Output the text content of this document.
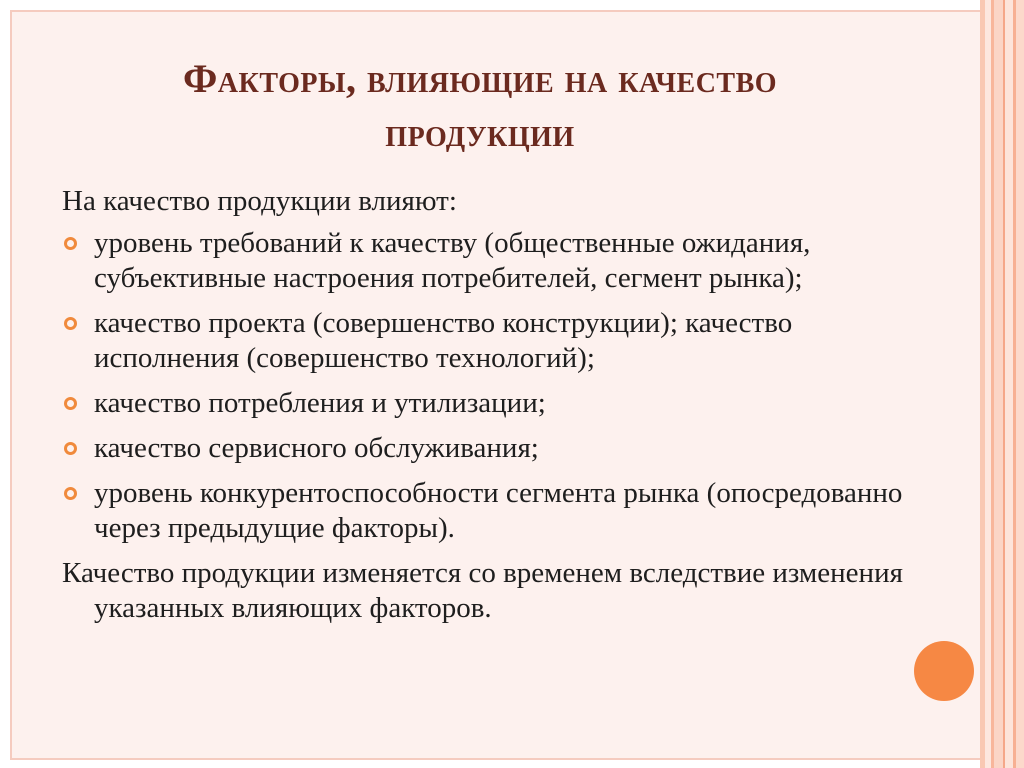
Факторы, влияющие на качество
продукции

На качество продукции влияют:

уровень требований к качеству (общественные ожидания, субъективные настроения потребителей, сегмент рынка);
качество проекта (совершенство конструкции); качество исполнения (совершенство технологий);
качество потребления и утилизации;
качество сервисного обслуживания;
уровень конкурентоспособности сегмента рынка (опосредованно через предыдущие факторы).

Качество продукции изменяется со временем вследствие изменения указанных влияющих факторов.
